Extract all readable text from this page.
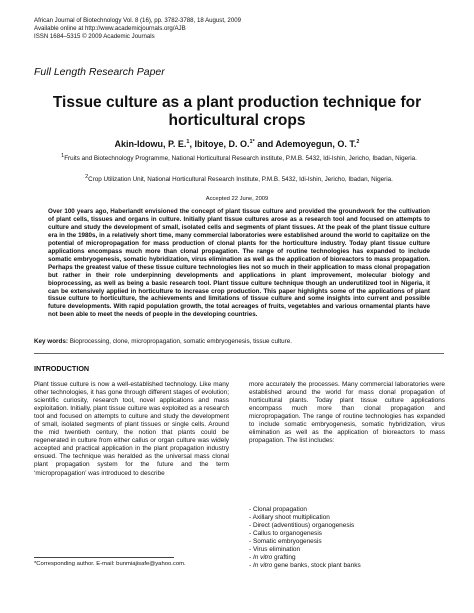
African Journal of Biotechnology Vol. 8 (16), pp. 3782-3788, 18 August, 2009
Available online at http://www.academicjournals.org/AJB
ISSN 1684–5315 © 2009 Academic Journals
Full Length Research Paper
Tissue culture as a plant production technique for horticultural crops
Akin-Idowu, P. E.$^1$, Ibitoye, D. O.$^{1*}$ and Ademoyegun, O. T.$^2$
$^1$Fruits and Biotechnology Programme, National Horticultural Research institute, P.M.B. 5432, Idi-Ishin, Jericho, Ibadan, Nigeria.
$^2$Crop Utilization Unit, National Horticultural Research Institute, P.M.B. 5432, Idi-Ishin, Jericho, Ibadan, Nigeria.
Accepted 22 June, 2009

Over 100 years ago, Haberlandt envisioned the concept of plant tissue culture and provided the groundwork for the cultivation of plant cells, tissues and organs in culture. Initially plant tissue cultures arose as a research tool and focused on attempts to culture and study the development of small, isolated cells and segments of plant tissues. At the peak of the plant tissue culture era in the 1980s, in a relatively short time, many commercial laboratories were established around the world to capitalize on the potential of micropropagation for mass production of clonal plants for the horticulture industry. Today plant tissue culture applications encompass much more than clonal propagation. The range of routine technologies has expanded to include somatic embryogenesis, somatic hybridization, virus elimination as well as the application of bioreactors to mass propagation. Perhaps the greatest value of these tissue culture technologies lies not so much in their application to mass clonal propagation but rather in their role underpinning developments and applications in plant improvement, molecular biology and bioprocessing, as well as being a basic research tool. Plant tissue culture technique though an underutilized tool in Nigeria, it can be extensively applied in horticulture to increase crop production. This paper highlights some of the applications of plant tissue culture to horticulture, the achievements and limitations of tissue culture and some insights into current and possible future developments. With rapid population growth, the total acreages of fruits, vegetables and various ornamental plants have not been able to meet the needs of people in the developing countries.

Key words: Bioprocessing, clone, micropropagation, somatic embryogenesis, tissue culture.
INTRODUCTION

Plant tissue culture is now a well-established technology. Like many other technologies, it has gone through different stages of evolution; scientific curiosity, research tool, novel applications and mass exploitation. Initially, plant tissue culture was exploited as a research tool and focused on attempts to culture and study the development of small, isolated segments of plant tissues or single cells. Around the mid twentieth century, the notion that plants could be regenerated in culture from either callus or organ culture was widely accepted and practical application in the plant propagation industry ensued. The technique was heralded as the universal mass clonal plant propagation system for the future and the term ‘micropropagation’ was introduced to describe

more accurately the processes. Many commercial laboratories were established around the world for mass clonal propagation of horticultural plants. Today plant tissue culture applications encompass much more than clonal propagation and micropropagation. The range of routine technologies has expanded to include somatic embryogenesis, somatic hybridization, virus elimination as well as the application of bioreactors to mass propagation. The list includes:

- Clonal propagation
- Axillary shoot multiplication
- Direct (adventitious) organogenesis
- Callus to organogenesis
- Somatic embryogenesis
- Virus elimination
- In vitro grafting
- In vitro gene banks, stock plant banks
*Corresponding author. E-mail: bunmiajisafe@yahoo.com.
